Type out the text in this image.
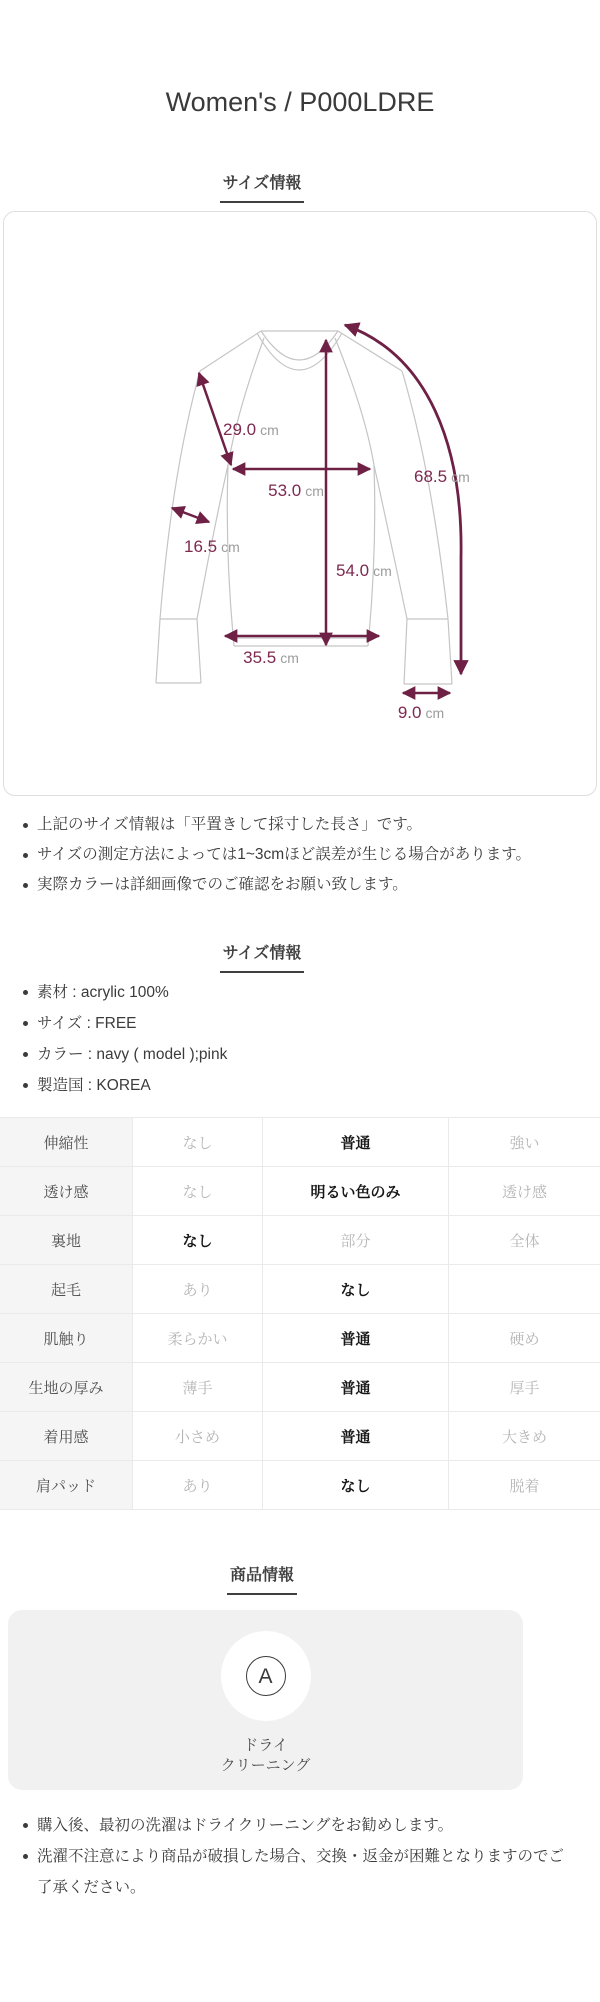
Women's / P000LDRE
サイズ情報
29.0 cm
53.0 cm
68.5 cm
16.5 cm
54.0 cm
35.5 cm
9.0 cm
上記のサイズ情報は「平置きして採寸した長さ」です。
サイズの測定方法によっては1~3cmほど誤差が生じる場合があります。
実際カラーは詳細画像でのご確認をお願い致します。
サイズ情報
素材 : acrylic 100%
サイズ : FREE
カラー : navy ( model );pink
製造国 : KOREA
伸縮性	なし	普通	強い
透け感	なし	明るい色のみ	透け感
裏地	なし	部分	全体
起毛	あり	なし
肌触り	柔らかい	普通	硬め
生地の厚み	薄手	普通	厚手
着用感	小さめ	普通	大きめ
肩パッド	あり	なし	脱着
商品情報
A
ドライ
クリーニング
購入後、最初の洗濯はドライクリーニングをお勧めします。
洗濯不注意により商品が破損した場合、交換・返金が困難となりますのでご了承ください。
